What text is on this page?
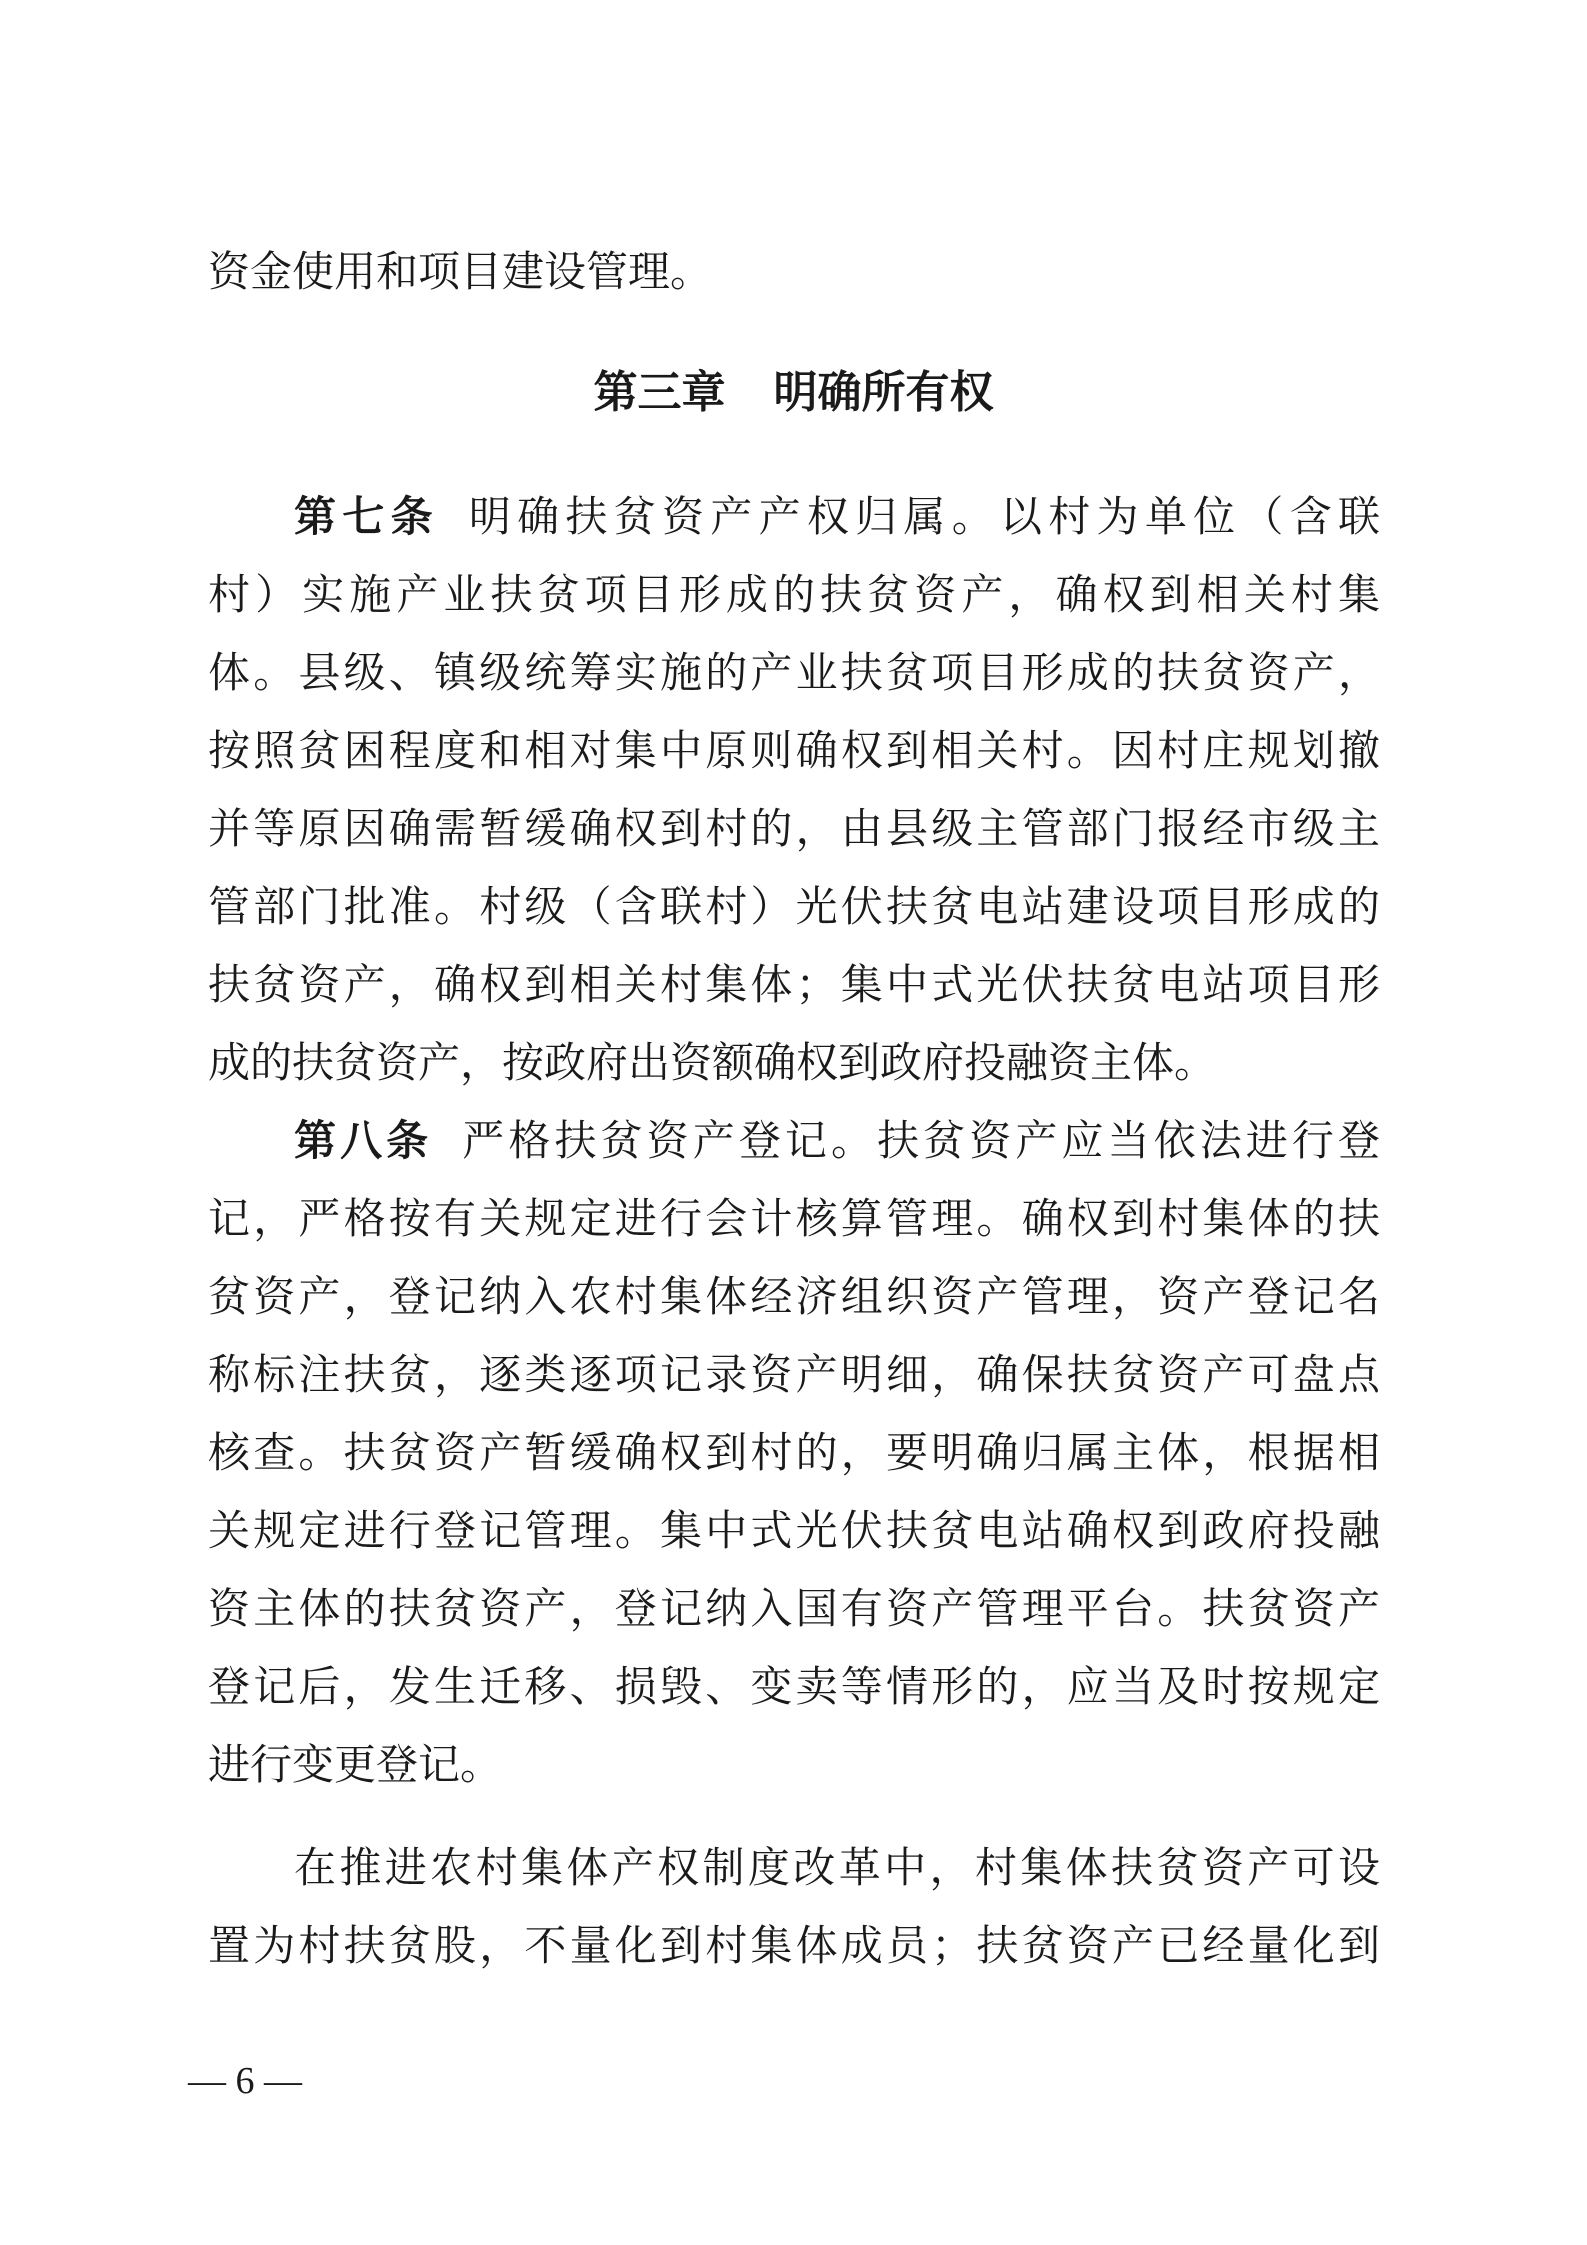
资金使用和项目建设管理。
第三章 明确所有权
第七条 明确扶贫资产产权归属。以村为单位（含联
村）实施产业扶贫项目形成的扶贫资产，确权到相关村集
体。县级、镇级统筹实施的产业扶贫项目形成的扶贫资产，
按照贫困程度和相对集中原则确权到相关村。因村庄规划撤
并等原因确需暂缓确权到村的，由县级主管部门报经市级主
管部门批准。村级（含联村）光伏扶贫电站建设项目形成的
扶贫资产，确权到相关村集体；集中式光伏扶贫电站项目形
成的扶贫资产，按政府出资额确权到政府投融资主体。
第八条 严格扶贫资产登记。扶贫资产应当依法进行登
记，严格按有关规定进行会计核算管理。确权到村集体的扶
贫资产，登记纳入农村集体经济组织资产管理，资产登记名
称标注扶贫，逐类逐项记录资产明细，确保扶贫资产可盘点
核查。扶贫资产暂缓确权到村的，要明确归属主体，根据相
关规定进行登记管理。集中式光伏扶贫电站确权到政府投融
资主体的扶贫资产，登记纳入国有资产管理平台。扶贫资产
登记后，发生迁移、损毁、变卖等情形的，应当及时按规定
进行变更登记。
在推进农村集体产权制度改革中，村集体扶贫资产可设
置为村扶贫股，不量化到村集体成员；扶贫资产已经量化到
— 6 —
